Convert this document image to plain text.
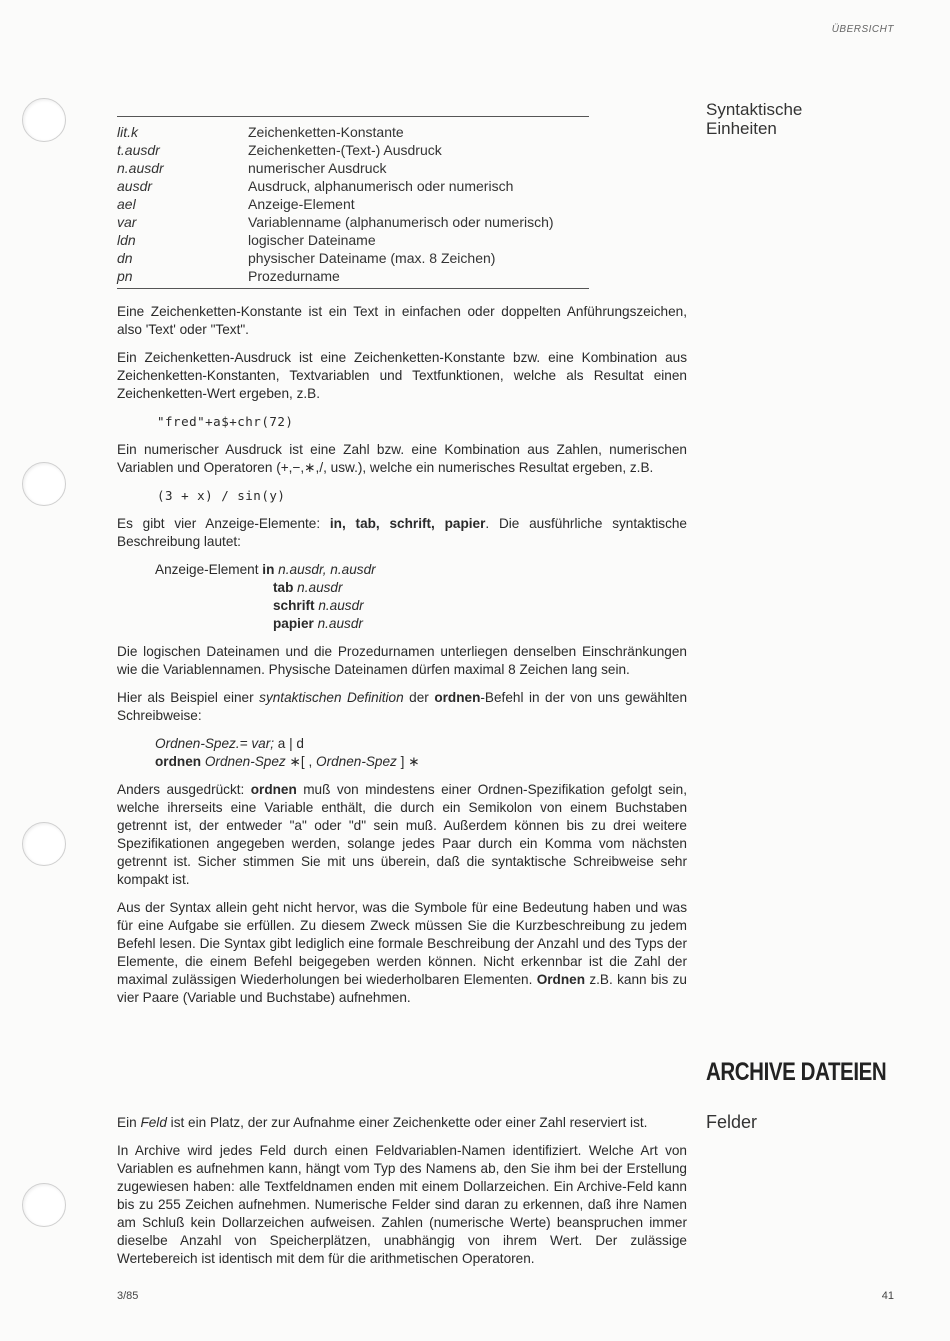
ÜBERSICHT
Syntaktische
Einheiten
lit.k	Zeichenketten-Konstante
t.ausdr	Zeichenketten-(Text-) Ausdruck
n.ausdr	numerischer Ausdruck
ausdr	Ausdruck, alphanumerisch oder numerisch
ael	Anzeige-Element
var	Variablenname (alphanumerisch oder numerisch)
ldn	logischer Dateiname
dn	physischer Dateiname (max. 8 Zeichen)
pn	Prozedurname

Eine Zeichenketten-Konstante ist ein Text in einfachen oder doppelten Anführungszeichen, also 'Text' oder "Text".

Ein Zeichenketten-Ausdruck ist eine Zeichenketten-Konstante bzw. eine Kombination aus Zeichenketten-Konstanten, Textvariablen und Textfunktionen, welche als Resultat einen Zeichenketten-Wert ergeben, z.B.

"fred"+a$+chr(72)

Ein numerischer Ausdruck ist eine Zahl bzw. eine Kombination aus Zahlen, numerischen Variablen und Operatoren (+,−,∗,/, usw.), welche ein numerisches Resultat ergeben, z.B.

(3 + x) / sin(y)

Es gibt vier Anzeige-Elemente: in, tab, schrift, papier. Die ausführliche syntaktische Beschreibung lautet:

Anzeige-Element in n.ausdr, n.ausdr
tab n.ausdr
schrift n.ausdr
papier n.ausdr

Die logischen Dateinamen und die Prozedurnamen unterliegen denselben Einschränkungen wie die Variablennamen. Physische Dateinamen dürfen maximal 8 Zeichen lang sein.

Hier als Beispiel einer syntaktischen Definition der ordnen-Befehl in der von uns gewählten Schreibweise:

Ordnen-Spez.= var; a | d
ordnen Ordnen-Spez ∗[ , Ordnen-Spez ] ∗

Anders ausgedrückt: ordnen muß von mindestens einer Ordnen-Spezifikation gefolgt sein, welche ihrerseits eine Variable enthält, die durch ein Semikolon von einem Buchstaben getrennt ist, der entweder "a" oder "d" sein muß. Außerdem können bis zu drei weitere Spezifikationen angegeben werden, solange jedes Paar durch ein Komma vom nächsten getrennt ist. Sicher stimmen Sie mit uns überein, daß die syntaktische Schreibweise sehr kompakt ist.

Aus der Syntax allein geht nicht hervor, was die Symbole für eine Bedeutung haben und was für eine Aufgabe sie erfüllen. Zu diesem Zweck müssen Sie die Kurzbeschreibung zu jedem Befehl lesen. Die Syntax gibt lediglich eine formale Beschreibung der Anzahl und des Typs der Elemente, die einem Befehl beigegeben werden können. Nicht erkennbar ist die Zahl der maximal zulässigen Wiederholungen bei wiederholbaren Elementen. Ordnen z.B. kann bis zu vier Paare (Variable und Buchstabe) aufnehmen.

ARCHIVE DATEIEN
Felder

Ein Feld ist ein Platz, der zur Aufnahme einer Zeichenkette oder einer Zahl reserviert ist.

In Archive wird jedes Feld durch einen Feldvariablen-Namen identifiziert. Welche Art von Variablen es aufnehmen kann, hängt vom Typ des Namens ab, den Sie ihm bei der Erstellung zugewiesen haben: alle Textfeldnamen enden mit einem Dollarzeichen. Ein Archive-Feld kann bis zu 255 Zeichen aufnehmen. Numerische Felder sind daran zu erkennen, daß ihre Namen am Schluß kein Dollarzeichen aufweisen. Zahlen (numerische Werte) beanspruchen immer dieselbe Anzahl von Speicherplätzen, unabhängig von ihrem Wert. Der zulässige Wertebereich ist identisch mit dem für die arithmetischen Operatoren.

3/85	41
